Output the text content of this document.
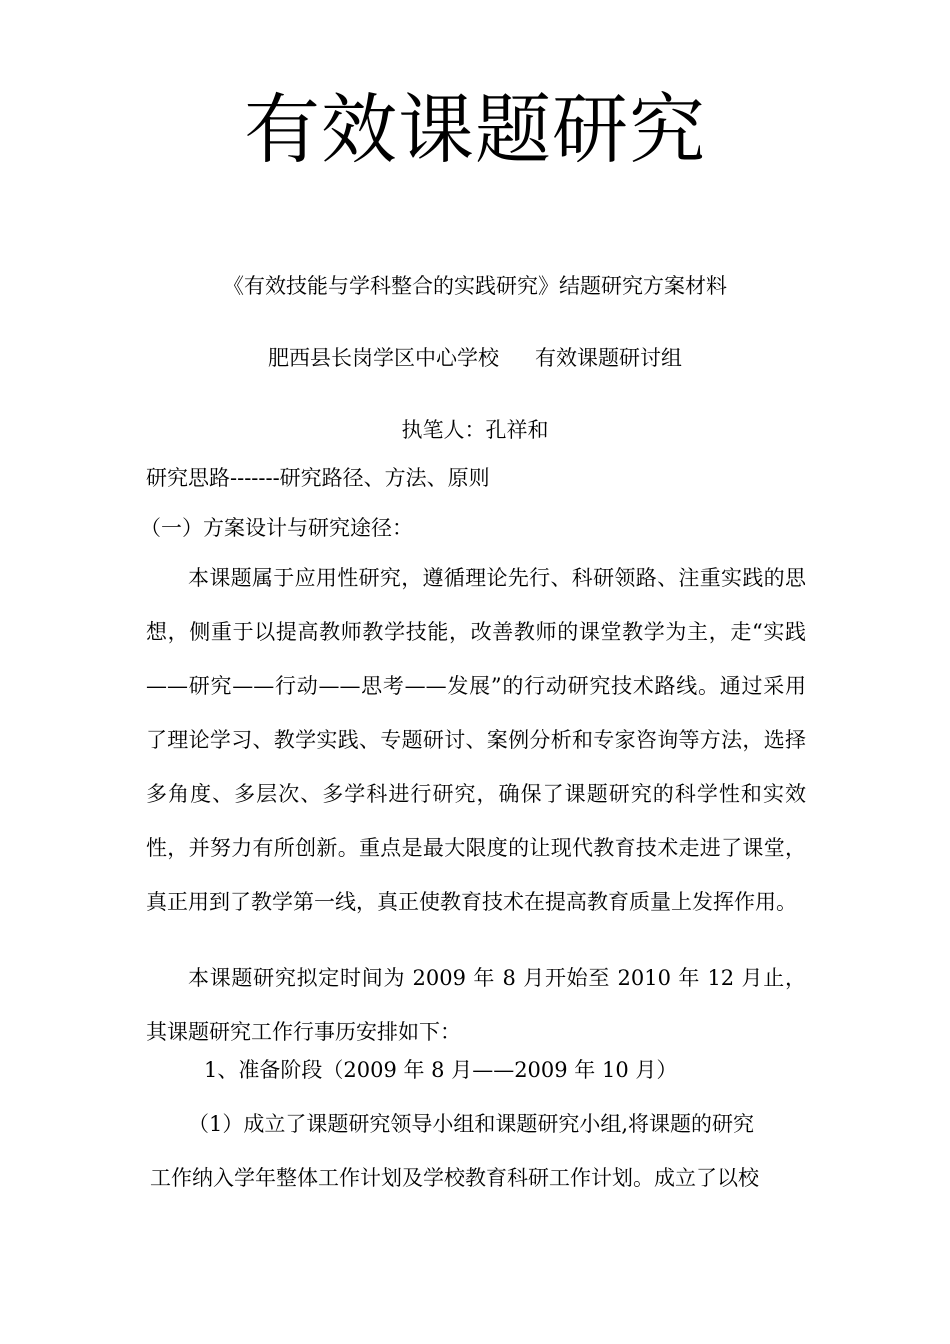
有效课题研究

《有效技能与学科整合的实践研究》结题研究方案材料

肥西县长岗学区中心学校 有效课题研讨组

执笔人：孔祥和

研究思路-------研究路径、方法、原则

（一）方案设计与研究途径：

本课题属于应用性研究，遵循理论先行、科研领路、注重实践的思想，侧重于以提高教师教学技能，改善教师的课堂教学为主，走“实践——研究——行动——思考——发展”的行动研究技术路线。通过采用了理论学习、教学实践、专题研讨、案例分析和专家咨询等方法，选择多角度、多层次、多学科进行研究，确保了课题研究的科学性和实效性，并努力有所创新。重点是最大限度的让现代教育技术走进了课堂，真正用到了教学第一线，真正使教育技术在提高教育质量上发挥作用。

本课题研究拟定时间为 2009 年 8 月开始至 2010 年 12 月止，其课题研究工作行事历安排如下：

1、准备阶段（2009 年 8 月——2009 年 10 月）

（1）成立了课题研究领导小组和课题研究小组,将课题的研究
工作纳入学年整体工作计划及学校教育科研工作计划。成立了以校
